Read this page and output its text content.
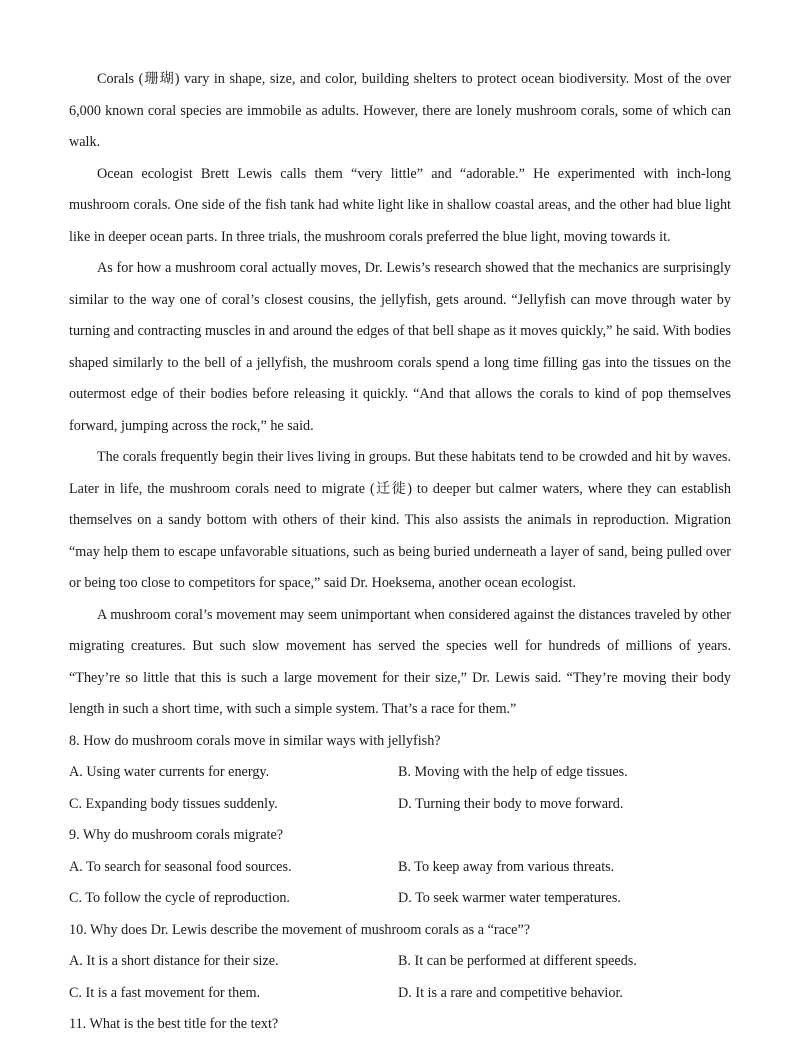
Corals (珊瑚) vary in shape, size, and color, building shelters to protect ocean biodiversity. Most of the over 6,000 known coral species are immobile as adults. However, there are lonely mushroom corals, some of which can walk.

Ocean ecologist Brett Lewis calls them “very little” and “adorable.” He experimented with inch-long mushroom corals. One side of the fish tank had white light like in shallow coastal areas, and the other had blue light like in deeper ocean parts. In three trials, the mushroom corals preferred the blue light, moving towards it.

As for how a mushroom coral actually moves, Dr. Lewis’s research showed that the mechanics are surprisingly similar to the way one of coral’s closest cousins, the jellyfish, gets around. “Jellyfish can move through water by turning and contracting muscles in and around the edges of that bell shape as it moves quickly,” he said. With bodies shaped similarly to the bell of a jellyfish, the mushroom corals spend a long time filling gas into the tissues on the outermost edge of their bodies before releasing it quickly. “And that allows the corals to kind of pop themselves forward, jumping across the rock,” he said.

The corals frequently begin their lives living in groups. But these habitats tend to be crowded and hit by waves. Later in life, the mushroom corals need to migrate (迁徙) to deeper but calmer waters, where they can establish themselves on a sandy bottom with others of their kind. This also assists the animals in reproduction. Migration “may help them to escape unfavorable situations, such as being buried underneath a layer of sand, being pulled over or being too close to competitors for space,” said Dr. Hoeksema, another ocean ecologist.

A mushroom coral’s movement may seem unimportant when considered against the distances traveled by other migrating creatures. But such slow movement has served the species well for hundreds of millions of years. “They’re so little that this is such a large movement for their size,” Dr. Lewis said. “They’re moving their body length in such a short time, with such a simple system. That’s a race for them.”

8. How do mushroom corals move in similar ways with jellyfish?

A. Using water currents for energy.	B. Moving with the help of edge tissues.

C. Expanding body tissues suddenly.	D. Turning their body to move forward.

9. Why do mushroom corals migrate?

A. To search for seasonal food sources.	B. To keep away from various threats.

C. To follow the cycle of reproduction.	D. To seek warmer water temperatures.

10. Why does Dr. Lewis describe the movement of mushroom corals as a “race”?

A. It is a short distance for their size.	B. It can be performed at different speeds.

C. It is a fast movement for them.	D. It is a rare and competitive behavior.

11. What is the best title for the text?
